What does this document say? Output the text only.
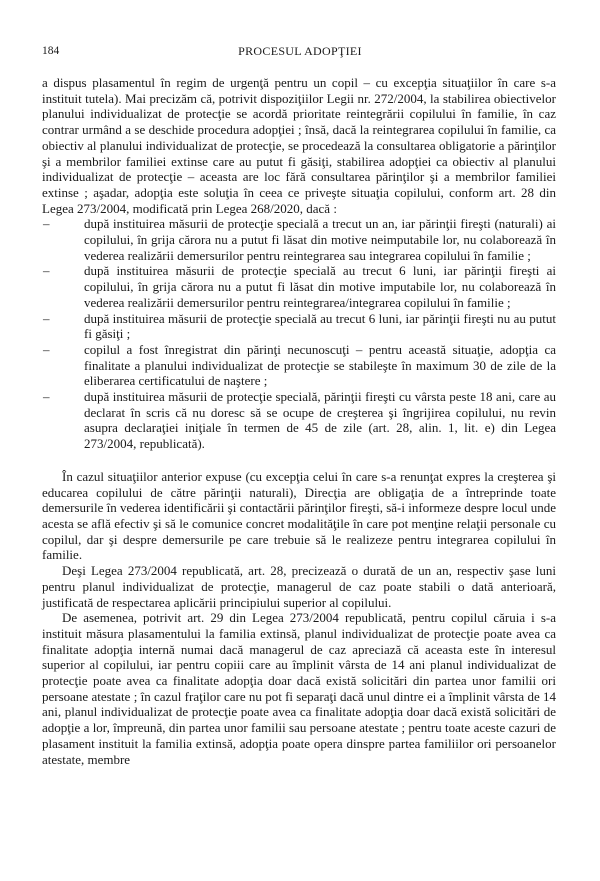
184	PROCESUL ADOPŢIEI

a dispus plasamentul în regim de urgenţă pentru un copil – cu excepţia situaţiilor în care s-a instituit tutela). Mai precizăm că, potrivit dispoziţiilor Legii nr. 272/2004, la stabilirea obiectivelor planului individualizat de protecţie se acordă prioritate reintegrării copilului în familie, în caz contrar urmând a se deschide procedura adopţiei ; însă, dacă la reintegrarea copilului în familie, ca obiectiv al planului individualizat de protecţie, se procedează la consultarea obligatorie a părinţilor şi a membrilor familiei extinse care au putut fi găsiţi, stabilirea adopţiei ca obiectiv al planului individualizat de protecţie – aceasta are loc fără consultarea părinţilor şi a membrilor familiei extinse ; aşadar, adopţia este soluţia în ceea ce priveşte situaţia copilului, conform art. 28 din Legea 273/2004, modificată prin Legea 268/2020, dacă :

–	după instituirea măsurii de protecţie specială a trecut un an, iar părinţii fireşti (naturali) ai copilului, în grija cărora nu a putut fi lăsat din motive neimputabile lor, nu colaborează în vederea realizării demersurilor pentru reintegrarea sau integrarea copilului în familie ;
–	după instituirea măsurii de protecţie specială au trecut 6 luni, iar părinţii fireşti ai copilului, în grija cărora nu a putut fi lăsat din motive imputabile lor, nu colaborează în vederea realizării demersurilor pentru reintegrarea/integrarea copilului în familie ;
–	după instituirea măsurii de protecţie specială au trecut 6 luni, iar părinţii fireşti nu au putut fi găsiţi ;
–	copilul a fost înregistrat din părinţi necunoscuţi – pentru această situaţie, adopţia ca finalitate a planului individualizat de protecţie se stabileşte în maximum 30 de zile de la eliberarea certificatului de naştere ;
–	după instituirea măsurii de protecţie specială, părinţii fireşti cu vârsta peste 18 ani, care au declarat în scris că nu doresc să se ocupe de creşterea şi îngrijirea copilului, nu revin asupra declaraţiei iniţiale în termen de 45 de zile (art. 28, alin. 1, lit. e) din Legea 273/2004, republicată).

În cazul situaţiilor anterior expuse (cu excepţia celui în care s-a renunţat expres la creşterea şi educarea copilului de către părinţii naturali), Direcţia are obligaţia de a întreprinde toate demersurile în vederea identificării şi contactării părinţilor fireşti, să-i informeze despre locul unde acesta se află efectiv şi să le comunice concret modalităţile în care pot menţine relaţii personale cu copilul, dar şi despre demersurile pe care trebuie să le realizeze pentru integrarea copilului în familie.

Deşi Legea 273/2004 republicată, art. 28, precizează o durată de un an, respectiv şase luni pentru planul individualizat de protecţie, managerul de caz poate stabili o dată anterioară, justificată de respectarea aplicării principiului superior al copilului.

De asemenea, potrivit art. 29 din Legea 273/2004 republicată, pentru copilul căruia i s-a instituit măsura plasamentului la familia extinsă, planul individualizat de protecţie poate avea ca finalitate adopţia internă numai dacă managerul de caz apreciază că aceasta este în interesul superior al copilului, iar pentru copiii care au împlinit vârsta de 14 ani planul individualizat de protecţie poate avea ca finalitate adopţia doar dacă există solicitări din partea unor familii ori persoane atestate ; în cazul fraţilor care nu pot fi separaţi dacă unul dintre ei a împlinit vârsta de 14 ani, planul individualizat de protecţie poate avea ca finalitate adopţia doar dacă există solicitări de adopţie a lor, împreună, din partea unor familii sau persoane atestate ; pentru toate aceste cazuri de plasament instituit la familia extinsă, adopţia poate opera dinspre partea familiilor ori persoanelor atestate, membre
